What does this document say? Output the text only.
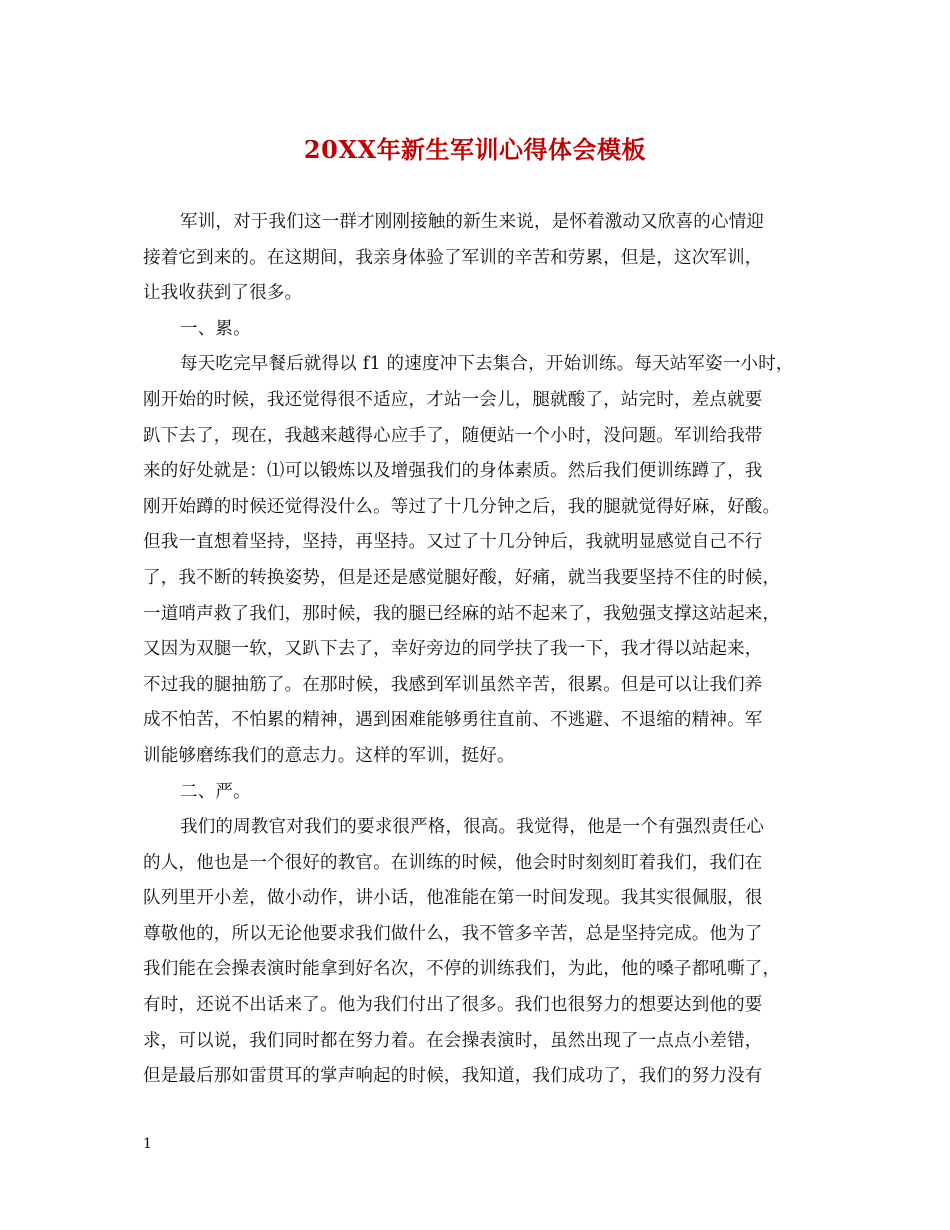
20XX年新生军训心得体会模板
军训，对于我们这一群才刚刚接触的新生来说，是怀着激动又欣喜的心情迎
接着它到来的。在这期间，我亲身体验了军训的辛苦和劳累，但是，这次军训，
让我收获到了很多。
一、累。
每天吃完早餐后就得以 f1 的速度冲下去集合，开始训练。每天站军姿一小时，
刚开始的时候，我还觉得很不适应，才站一会儿，腿就酸了，站完时，差点就要
趴下去了，现在，我越来越得心应手了，随便站一个小时，没问题。军训给我带
来的好处就是：⑴可以锻炼以及增强我们的身体素质。然后我们便训练蹲了，我
刚开始蹲的时候还觉得没什么。等过了十几分钟之后，我的腿就觉得好麻，好酸。
但我一直想着坚持，坚持，再坚持。又过了十几分钟后，我就明显感觉自己不行
了，我不断的转换姿势，但是还是感觉腿好酸，好痛，就当我要坚持不住的时候，
一道哨声救了我们，那时候，我的腿已经麻的站不起来了，我勉强支撑这站起来，
又因为双腿一软，又趴下去了，幸好旁边的同学扶了我一下，我才得以站起来，
不过我的腿抽筋了。在那时候，我感到军训虽然辛苦，很累。但是可以让我们养
成不怕苦，不怕累的精神，遇到困难能够勇往直前、不逃避、不退缩的精神。军
训能够磨练我们的意志力。这样的军训，挺好。
二、严。
我们的周教官对我们的要求很严格，很高。我觉得，他是一个有强烈责任心
的人，他也是一个很好的教官。在训练的时候，他会时时刻刻盯着我们，我们在
队列里开小差，做小动作，讲小话，他准能在第一时间发现。我其实很佩服，很
尊敬他的，所以无论他要求我们做什么，我不管多辛苦，总是坚持完成。他为了
我们能在会操表演时能拿到好名次，不停的训练我们，为此，他的嗓子都吼嘶了，
有时，还说不出话来了。他为我们付出了很多。我们也很努力的想要达到他的要
求，可以说，我们同时都在努力着。在会操表演时，虽然出现了一点点小差错，
但是最后那如雷贯耳的掌声响起的时候，我知道，我们成功了，我们的努力没有
1
